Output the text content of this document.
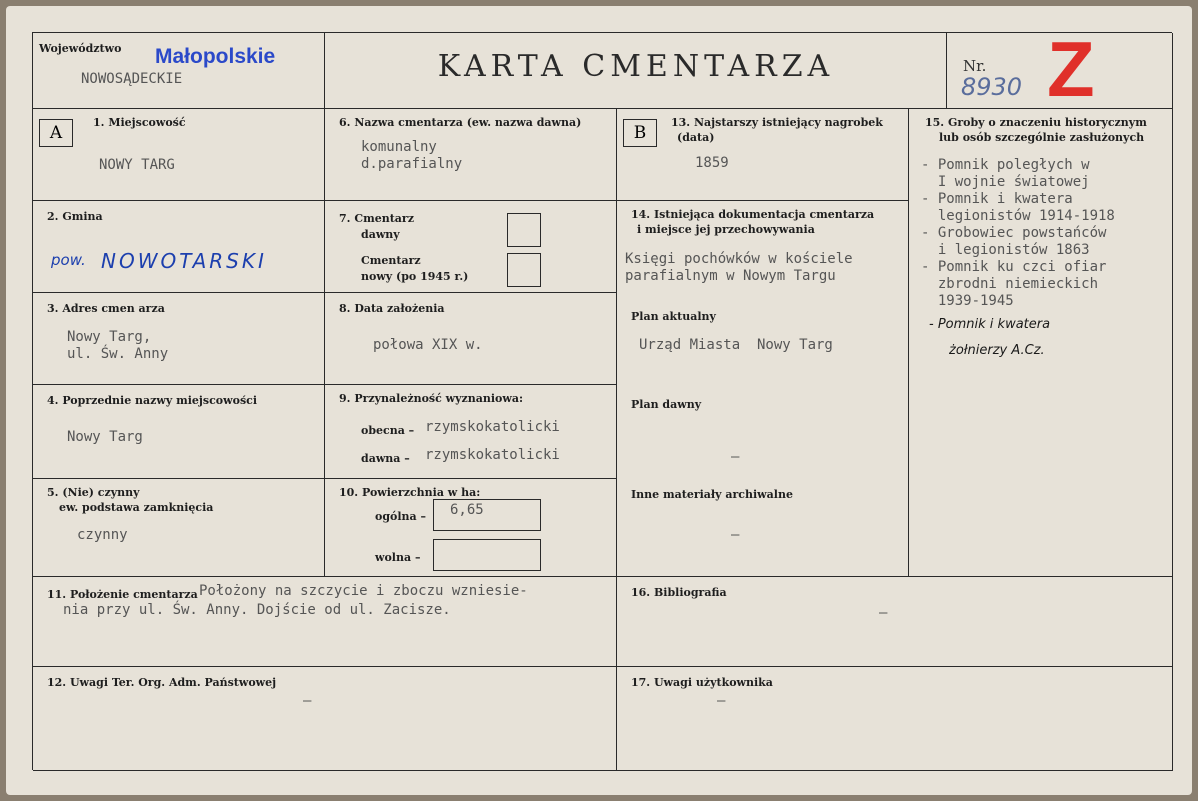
Województwo Małopolskie
NOWOSĄDECKIE	KARTA CMENTARZA	Nr.
8930 Z
A
1. Miejscowość
NOWY TARG
2. Gmina
pow. NOWOTARSKI
3. Adres cmen arza
Nowy Targ,
ul. Św. Anny
4. Poprzednie nazwy miejscowości
Nowy Targ
5. (Nie) czynny
ew. podstawa zamknięcia
czynny
6. Nazwa cmentarza (ew. nazwa dawna)
komunalny
d.parafialny
7. Cmentarz
dawny
Cmentarz
nowy (po 1945 r.)
8. Data założenia
połowa XIX w.
9. Przynależność wyznaniowa:
obecna – rzymskokatolicki
dawna – rzymskokatolicki
10. Powierzchnia w ha:
ogólna – 6,65
wolna –
B
13. Najstarszy istniejący nagrobek
(data)
1859
14. Istniejąca dokumentacja cmentarza
i miejsce jej przechowywania
Księgi pochówków w kościele
parafialnym w Nowym Targu
Plan aktualny
Urząd Miasta  Nowy Targ
Plan dawny
–
Inne materiały archiwalne
–
15. Groby o znaczeniu historycznym
lub osób szczególnie zasłużonych
- Pomnik poległych w
I wojnie światowej
- Pomnik i kwatera
legionistów 1914-1918
- Grobowiec powstańców
i legionistów 1863
- Pomnik ku czci ofiar
zbrodni niemieckich
1939-1945
- Pomnik i kwatera
żołnierzy A.Cz.
11. Położenie cmentarza Położony na szczycie i zboczu wzniesie-
nia przy ul. Św. Anny. Dojście od ul. Zacisze.
16. Bibliografia
–
12. Uwagi Ter. Org. Adm. Państwowej
–
17. Uwagi użytkownika
–
